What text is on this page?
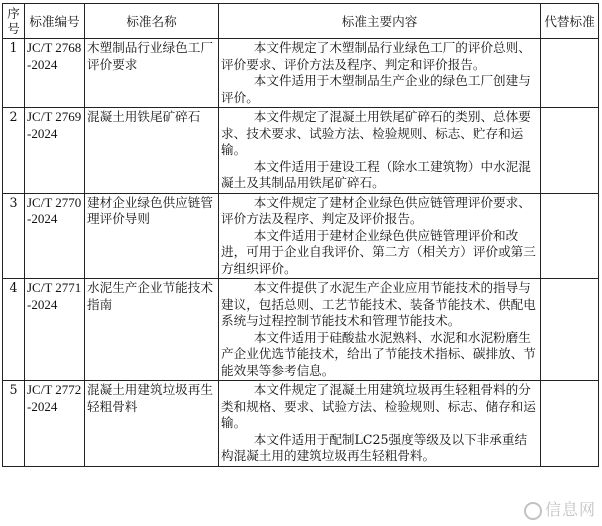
序号	标准编号	标准名称	标准主要内容	代替标准
1	JC/T 2768-2024	木塑制品行业绿色工厂评价要求	本文件规定了木塑制品行业绿色工厂的评价总则、评价要求、评价方法及程序、判定和评价报告。

本文件适用于木塑制品生产企业的绿色工厂创建与评价。	

2	JC/T 2769-2024	混凝土用铁尾矿碎石	本文件规定了混凝土用铁尾矿碎石的类别、总体要求、技术要求、试验方法、检验规则、标志、贮存和运输。

本文件适用于建设工程（除水工建筑物）中水泥混凝土及其制品用铁尾矿碎石。	

3	JC/T 2770-2024	建材企业绿色供应链管理评价导则	本文件规定了建材企业绿色供应链管理评价要求、评价方法及程序、判定及评价报告。

本文件适用于建材企业绿色供应链管理评价和改进，可用于企业自我评价、第二方（相关方）评价或第三方组织评价。	

4	JC/T 2771-2024	水泥生产企业节能技术指南	本文件提供了水泥生产企业应用节能技术的指导与建议，包括总则、工艺节能技术、装备节能技术、供配电系统与过程控制节能技术和管理节能技术。

本文件适用于硅酸盐水泥熟料、水泥和水泥粉磨生产企业优选节能技术，给出了节能技术指标、碳排放、节能效果等参考信息。	

5	JC/T 2772-2024	混凝土用建筑垃圾再生轻粗骨料	本文件规定了混凝土用建筑垃圾再生轻粗骨料的分类和规格、要求、试验方法、检验规则、标志、储存和运输。

本文件适用于配制LC25强度等级及以下非承重结构混凝土用的建筑垃圾再生轻粗骨料。	

信息网
